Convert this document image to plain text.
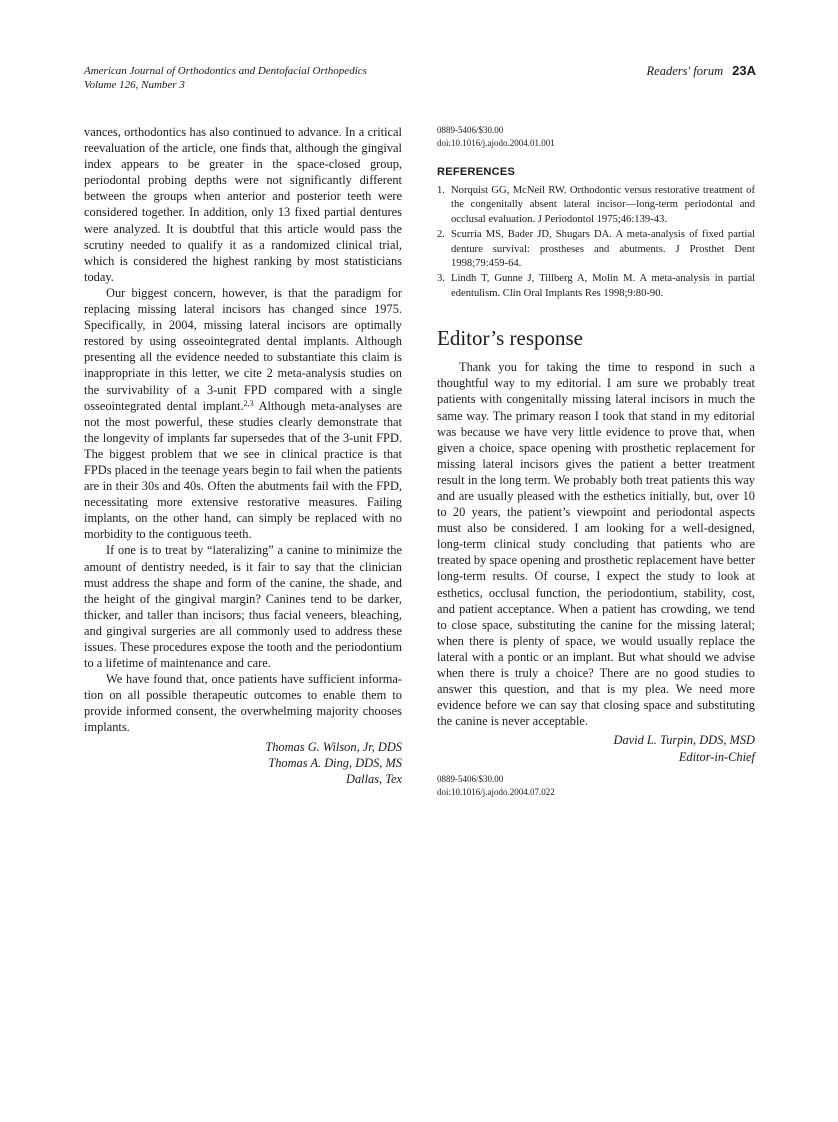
American Journal of Orthodontics and Dentofacial Orthopedics
Volume 126, Number 3
Readers' forum 23A

vances, orthodontics has also continued to advance. In a critical reevaluation of the article, one finds that, although the gingival index appears to be greater in the space-closed group, periodontal probing depths were not significantly different between the groups when anterior and posterior teeth were considered together. In addition, only 13 fixed partial dentures were analyzed. It is doubtful that this article would pass the scrutiny needed to qualify it as a randomized clinical trial, which is considered the highest ranking by most statisticians today.

Our biggest concern, however, is that the paradigm for replacing missing lateral incisors has changed since 1975. Specifically, in 2004, missing lateral incisors are optimally restored by using osseointegrated dental implants. Although presenting all the evidence needed to substantiate this claim is inappropriate in this letter, we cite 2 meta-analysis studies on the survivability of a 3-unit FPD compared with a single osseointegrated dental implant.$^{2,3}$ Although meta-analyses are not the most powerful, these studies clearly demonstrate that the longevity of implants far supersedes that of the 3-unit FPD. The biggest problem that we see in clinical practice is that FPDs placed in the teenage years begin to fail when the patients are in their 30s and 40s. Often the abutments fail with the FPD, necessitating more extensive restorative measures. Failing implants, on the other hand, can simply be replaced with no morbidity to the contiguous teeth.

If one is to treat by “lateralizing” a canine to minimize the amount of dentistry needed, is it fair to say that the clinician must address the shape and form of the canine, the shade, and the height of the gingival margin? Canines tend to be darker, thicker, and taller than incisors; thus facial veneers, bleaching, and gingival surgeries are all commonly used to address these issues. These procedures expose the tooth and the periodontium to a lifetime of maintenance and care.

We have found that, once patients have sufficient informa tion on all possible therapeutic outcomes to enable them to provide informed consent, the overwhelming majority chooses implants.

Thomas G. Wilson, Jr, DDS
Thomas A. Ding, DDS, MS
Dallas, Tex

0889-5406/$30.00

doi:10.1016/j.ajodo.2004.01.001

REFERENCES
1. Norquist GG, McNeil RW. Orthodontic versus restorative treatment of the congenitally absent lateral incisor—long-term periodontal and occlusal evaluation. J Periodontol 1975;46:139-43.
2. Scurria MS, Bader JD, Shugars DA. A meta-analysis of fixed partial denture survival: prostheses and abutments. J Prosthet Dent 1998;79:459-64.
3. Lindh T, Gunne J, Tillberg A, Molin M. A meta-analysis in partial edentulism. Clin Oral Implants Res 1998;9:80-90.
Editor’s response

Thank you for taking the time to respond in such a thoughtful way to my editorial. I am sure we probably treat patients with congenitally missing lateral incisors in much the same way. The primary reason I took that stand in my editorial was because we have very little evidence to prove that, when given a choice, space opening with prosthetic replacement for missing lateral incisors gives the patient a better treatment result in the long term. We probably both treat patients this way and are usually pleased with the esthetics initially, but, over 10 to 20 years, the patient’s viewpoint and periodontal aspects must also be considered. I am looking for a well-designed, long-term clinical study concluding that patients who are treated by space opening and prosthetic replacement have better long-term results. Of course, I expect the study to look at esthetics, occlusal function, the periodontium, stability, cost, and patient acceptance. When a patient has crowding, we tend to close space, substituting the canine for the missing lateral; when there is plenty of space, we would usually replace the lateral with a pontic or an implant. But what should we advise when there is truly a choice? There are no good studies to answer this question, and that is my plea. We need more evidence before we can say that closing space and substituting the canine is never acceptable.

David L. Turpin, DDS, MSD
Editor-in-Chief

0889-5406/$30.00

doi:10.1016/j.ajodo.2004.07.022
